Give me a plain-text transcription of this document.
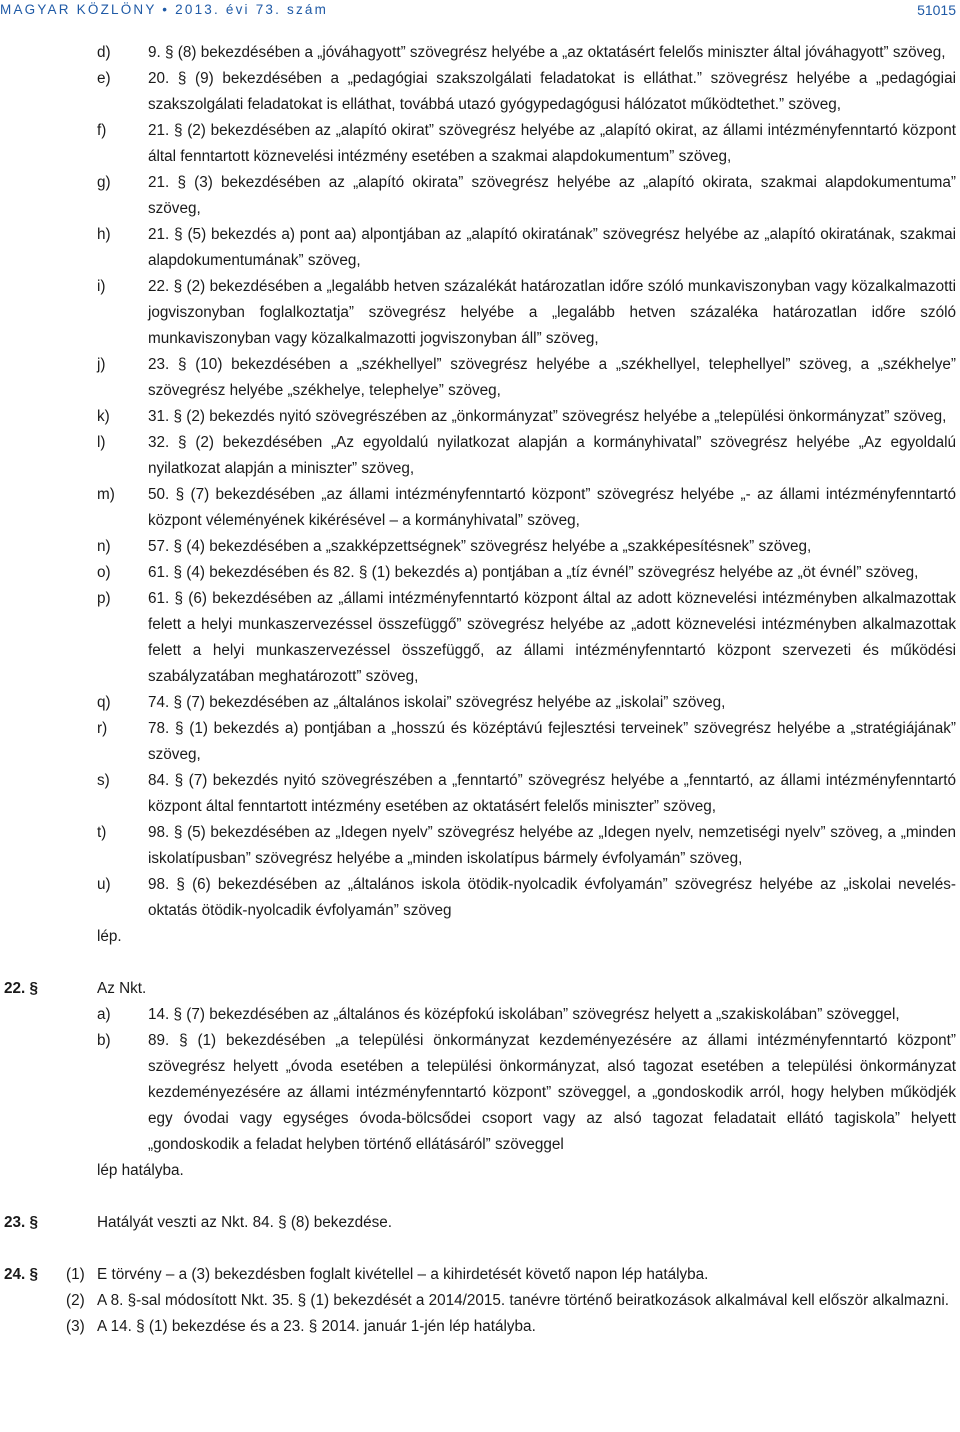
MAGYAR KÖZLÖNY • 2013. évi 73. szám	51015
d) 9. § (8) bekezdésében a „jóváhagyott” szövegrész helyébe a „az oktatásért felelős miniszter által jóváhagyott” szöveg,
e) 20. § (9) bekezdésében a „pedagógiai szakszolgálati feladatokat is elláthat.” szövegrész helyébe a „pedagógiai szakszolgálati feladatokat is elláthat, továbbá utazó gyógypedagógusi hálózatot működtethet.” szöveg,
f)	21. § (2) bekezdésében az „alapító okirat” szövegrész helyébe az „alapító okirat, az állami intézményfenntartó központ által fenntartott köznevelési intézmény esetében a szakmai alapdokumentum” szöveg,
g) 21. § (3) bekezdésében az „alapító okirata” szövegrész helyébe az „alapító okirata, szakmai alapdokumentuma” szöveg,
h) 21. § (5) bekezdés a) pont aa) alpontjában az „alapító okiratának” szövegrész helyébe az „alapító okiratának, szakmai alapdokumentumának” szöveg,
i)	22. § (2) bekezdésében a „legalább hetven százalékát határozatlan időre szóló munkaviszonyban vagy közalkalmazotti jogviszonyban foglalkoztatja” szövegrész helyébe a „legalább hetven százaléka határozatlan időre szóló munkaviszonyban vagy közalkalmazotti jogviszonyban áll” szöveg,
j)	23. § (10) bekezdésében a „székhellyel” szövegrész helyébe a „székhellyel, telephellyel” szöveg, a „székhelye” szövegrész helyébe „székhelye, telephelye” szöveg,
k)	31. § (2) bekezdés nyitó szövegrészében az „önkormányzat” szövegrész helyébe a „települési önkormányzat” szöveg,
l)	32. § (2) bekezdésében „Az egyoldalú nyilatkozat alapján a kormányhivatal” szövegrész helyébe „Az egyoldalú nyilatkozat alapján a miniszter” szöveg,
m) 50. § (7) bekezdésében „az állami intézményfenntartó központ” szövegrész helyébe „- az állami intézményfenntartó központ véleményének kikérésével – a kormányhivatal” szöveg,
n) 57. § (4) bekezdésében a „szakképzettségnek” szövegrész helyébe a „szakképesítésnek” szöveg,
o) 61. § (4) bekezdésében és 82. § (1) bekezdés a) pontjában a „tíz évnél” szövegrész helyébe az „öt évnél” szöveg,
p) 61. § (6) bekezdésében az „állami intézményfenntartó központ által az adott köznevelési intézményben alkalmazottak felett a helyi munkaszervezéssel összefüggő” szövegrész helyébe az „adott köznevelési intézményben alkalmazottak felett a helyi munkaszervezéssel összefüggő, az állami intézményfenntartó központ szervezeti és működési szabályzatában meghatározott” szöveg,
q) 74. § (7) bekezdésében az „általános iskolai” szövegrész helyébe az „iskolai” szöveg,
r)	78. § (1) bekezdés a) pontjában a „hosszú és középtávú fejlesztési terveinek” szövegrész helyébe a „stratégiájának” szöveg,
s)	84. § (7) bekezdés nyitó szövegrészében a „fenntartó” szövegrész helyébe a „fenntartó, az állami intézményfenntartó központ által fenntartott intézmény esetében az oktatásért felelős miniszter” szöveg,
t)	98. § (5) bekezdésében az „Idegen nyelv” szövegrész helyébe az „Idegen nyelv, nemzetiségi nyelv” szöveg, a „minden iskolatípusban” szövegrész helyébe a „minden iskolatípus bármely évfolyamán” szöveg,
u) 98. § (6) bekezdésében az „általános iskola ötödik-nyolcadik évfolyamán” szövegrész helyébe az „iskolai nevelés-oktatás ötödik-nyolcadik évfolyamán” szöveg
lép.
22. §	Az Nkt.
a) 14. § (7) bekezdésében az „általános és középfokú iskolában” szövegrész helyett a „szakiskolában” szöveggel,
b) 89. § (1) bekezdésében „a települési önkormányzat kezdeményezésére az állami intézményfenntartó központ” szövegrész helyett „óvoda esetében a települési önkormányzat, alsó tagozat esetében a települési önkormányzat kezdeményezésére az állami intézményfenntartó központ” szöveggel, a „gondoskodik arról, hogy helyben működjék egy óvodai vagy egységes óvoda-bölcsődei csoport vagy az alsó tagozat feladatait ellátó tagiskola” helyett „gondoskodik a feladat helyben történő ellátásáról” szöveggel
lép hatályba.
23. §	Hatályát veszti az Nkt. 84. § (8) bekezdése.
24. § (1) E törvény – a (3) bekezdésben foglalt kivétellel – a kihirdetését követő napon lép hatályba.
(2) A 8. §-sal módosított Nkt. 35. § (1) bekezdését a 2014/2015. tanévre történő beiratkozások alkalmával kell először alkalmazni.
(3) A 14. § (1) bekezdése és a 23. § 2014. január 1-jén lép hatályba.
